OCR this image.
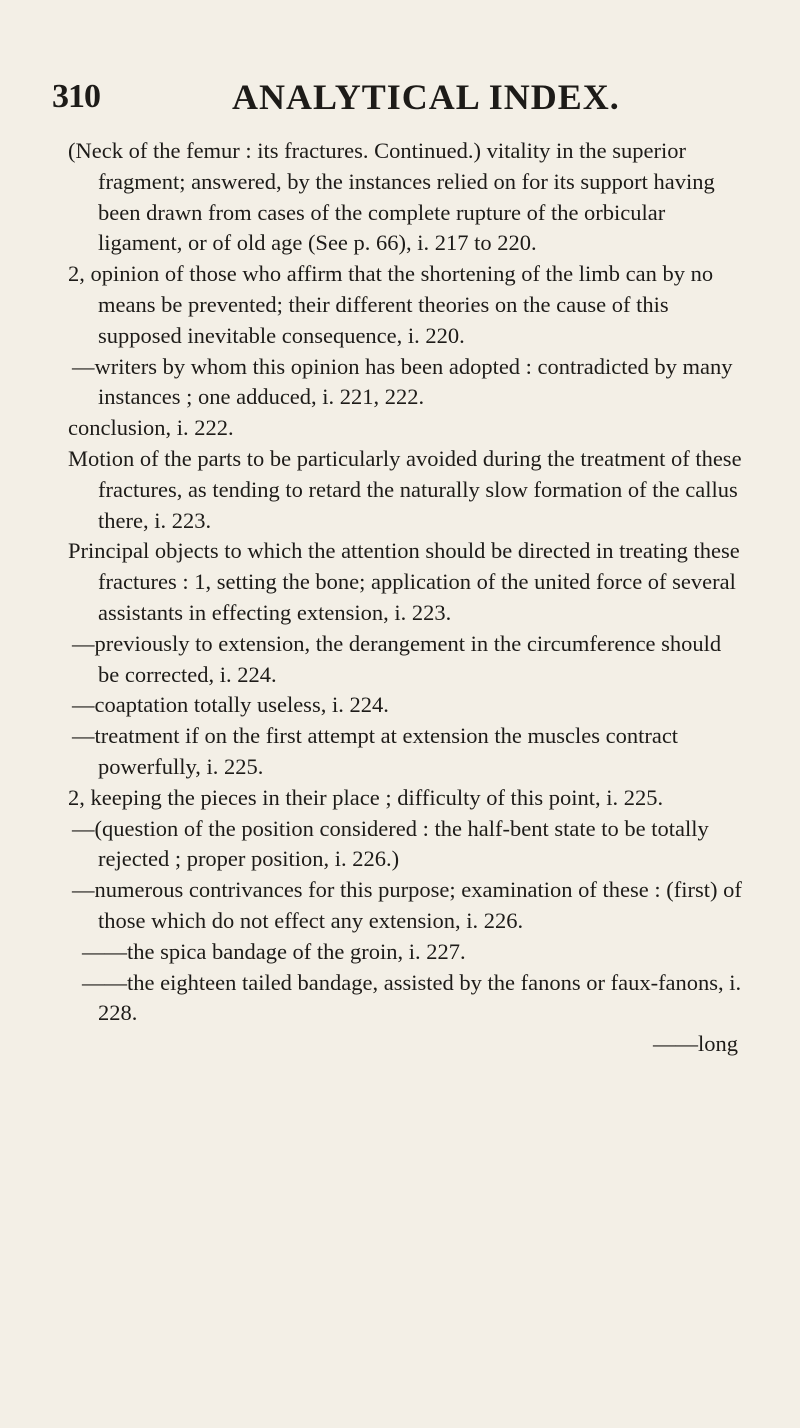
310	ANALYTICAL INDEX.

(Neck of the femur : its fractures. Continued.) vitality in the superior fragment; answered, by the instances relied on for its support having been drawn from cases of the complete rupture of the orbicular ligament, or of old age (See p. 66), i. 217 to 220.

2, opinion of those who affirm that the shortening of the limb can by no means be prevented; their different theories on the cause of this supposed inevitable consequence, i. 220.

—writers by whom this opinion has been adopted : contradicted by many instances ; one adduced, i. 221, 222.

conclusion, i. 222.

Motion of the parts to be particularly avoided during the treatment of these fractures, as tending to retard the naturally slow formation of the callus there, i. 223.

Principal objects to which the attention should be directed in treating these fractures : 1, setting the bone; application of the united force of several assistants in effecting extension, i. 223.

—previously to extension, the derangement in the circumference should be corrected, i. 224.

—coaptation totally useless, i. 224.

—treatment if on the first attempt at extension the muscles contract powerfully, i. 225.

2, keeping the pieces in their place ; difficulty of this point, i. 225.

—(question of the position considered : the half-bent state to be totally rejected ; proper position, i. 226.)

—numerous contrivances for this purpose; examination of these : (first) of those which do not effect any extension, i. 226.

——the spica bandage of the groin, i. 227.

——the eighteen tailed bandage, assisted by the fanons or faux-fanons, i. 228.

——long
